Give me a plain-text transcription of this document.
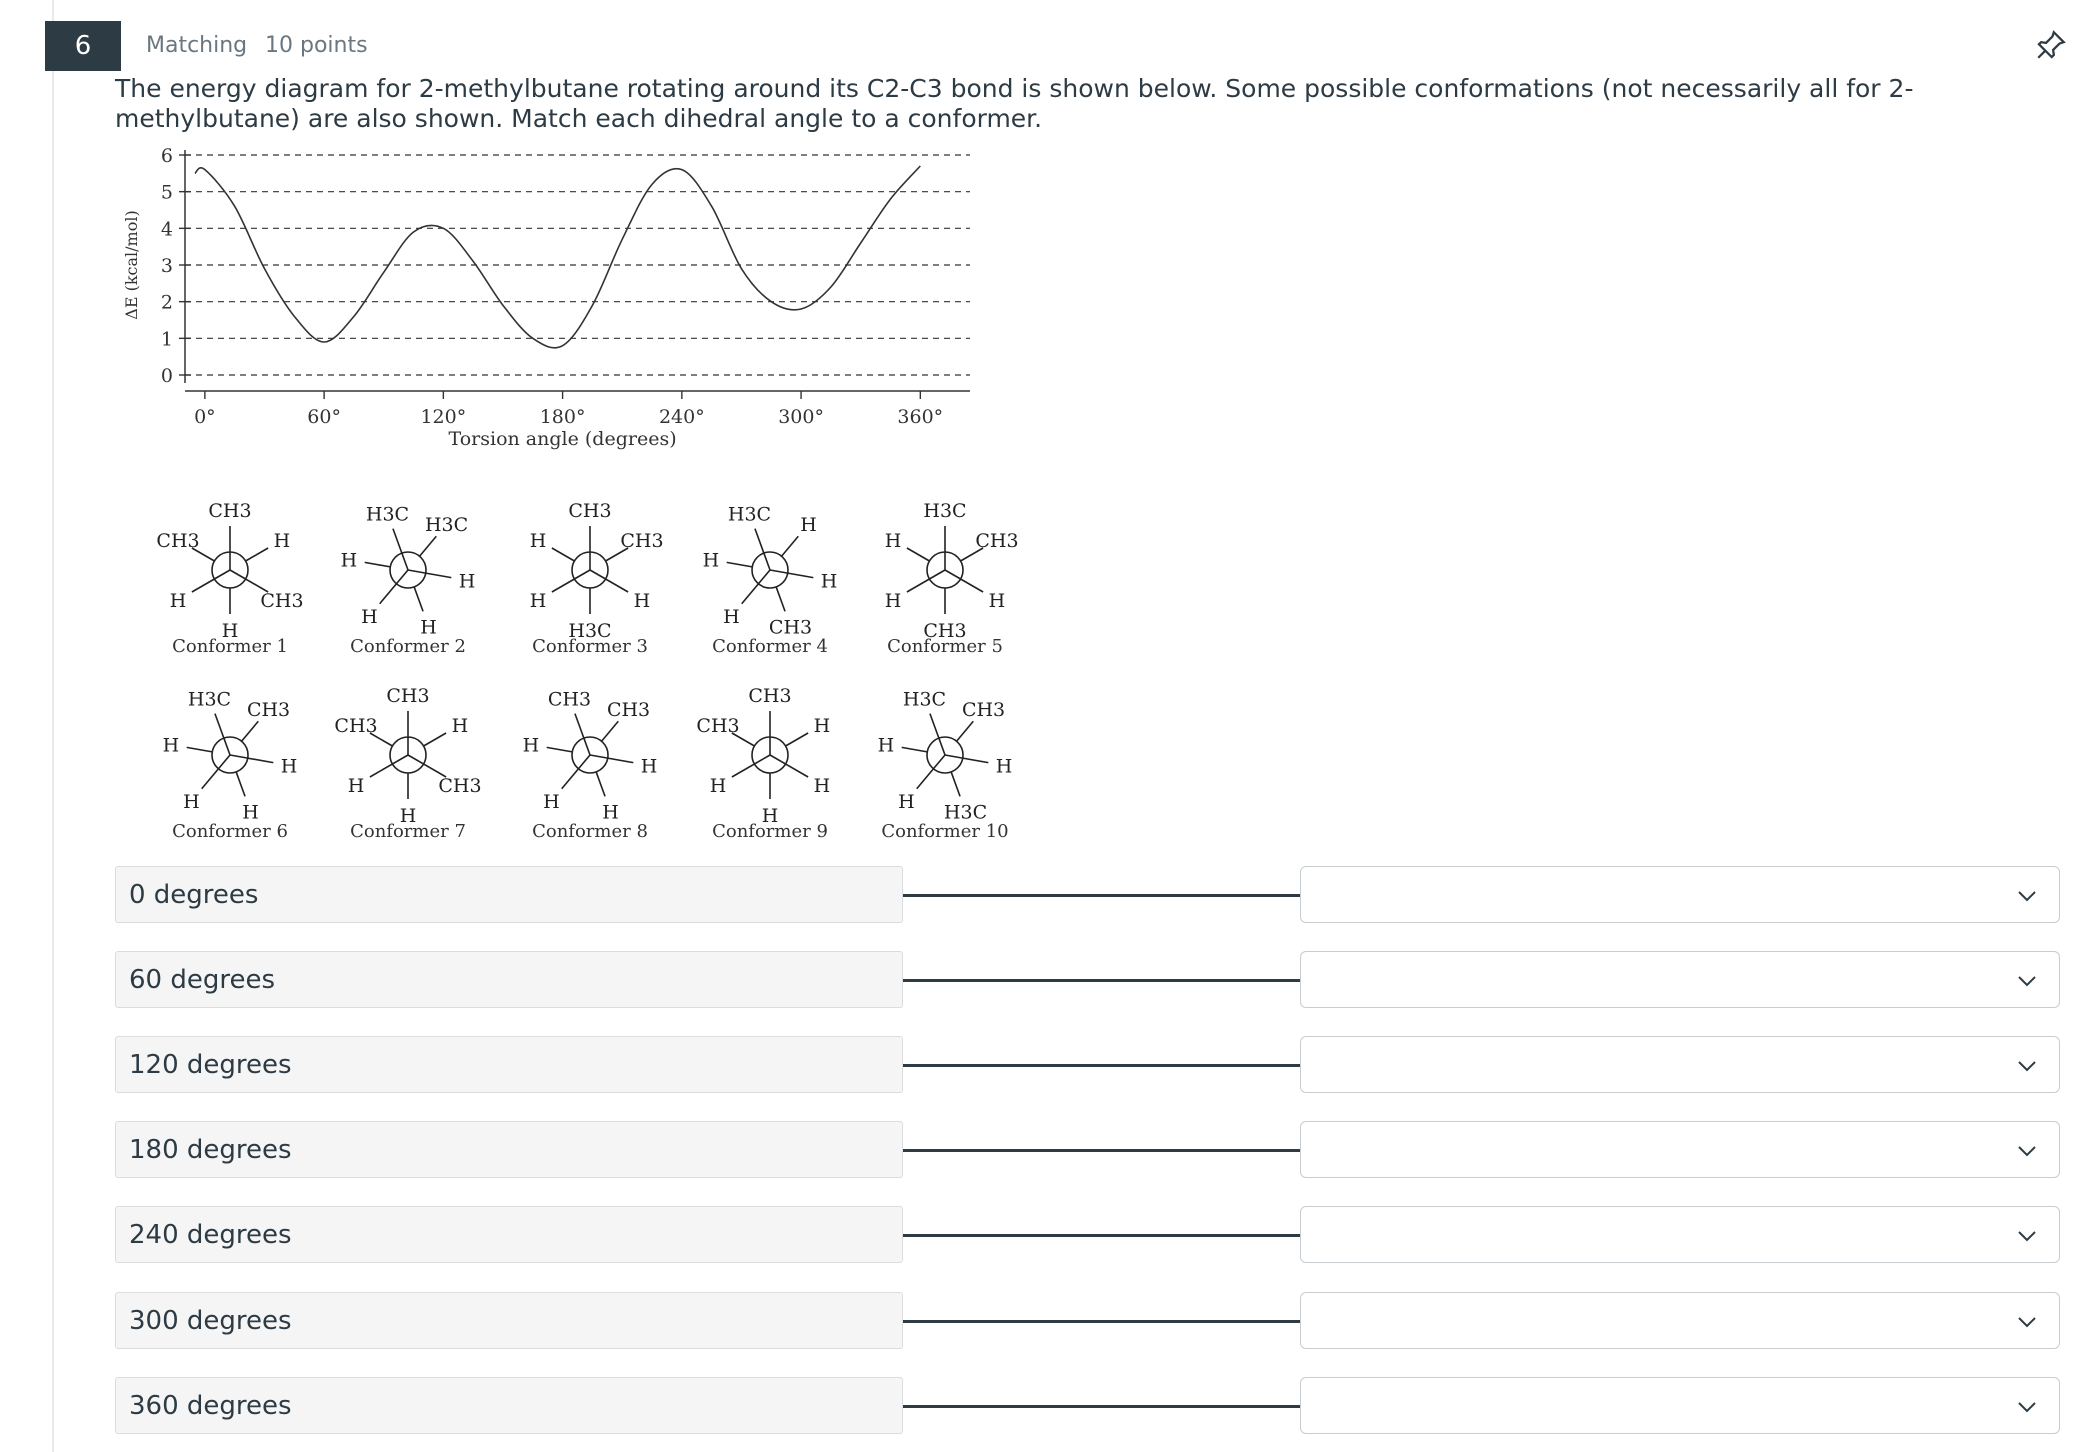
6	Matching 10 points
The energy diagram for 2-methylbutane rotating around its C2-C3 bond is shown below. Some possible conformations (not necessarily all for 2-methylbutane) are also shown. Match each dihedral angle to a conformer.
0
1
2
3
4
5
6
0°	60°	120°	180°	240°	300°	360°
Torsion angle (degrees)
ΔE (kcal/mol)
CH3
H	CH3
H
H
CH3
Conformer 1
H3C
H
H
H
H3C
H
Conformer 2
CH3
H	H
H3C
CH3
H
Conformer 3
H3C
H
H
CH3
H
H
Conformer 4
H3C
H	H
CH3
CH3
H
Conformer 5
H3C
H
H
H
CH3
H
Conformer 6
CH3
H	CH3
H
H
CH3
Conformer 7
CH3
H
H
H
CH3
H
Conformer 8
CH3
H	H
H
H
CH3
Conformer 9
H3C
H
H
H3C
CH3
H
Conformer 10
0 degrees
60 degrees
120 degrees
180 degrees
240 degrees
300 degrees
360 degrees
